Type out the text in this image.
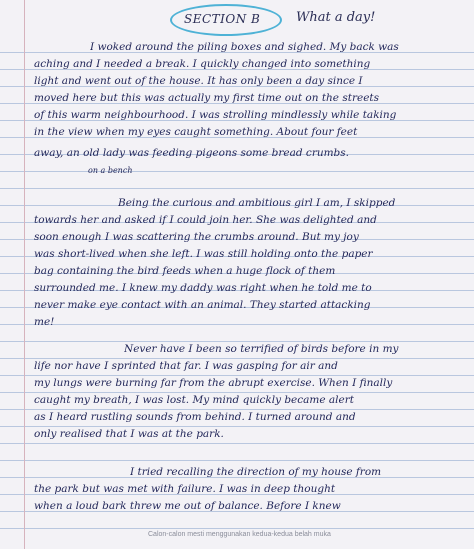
SECTION B	What a day!
on a bench
I woked around the piling boxes and sighed. My back was
aching and I needed a break. I quickly changed into something
light and went out of the house. It has only been a day since I
moved here but this was actually my first time out on the streets
of this warm neighbourhood. I was strolling mindlessly while taking
in the view when my eyes caught something. About four feet
away, an old lady was feeding pigeons some bread crumbs.
Being the curious and ambitious girl I am, I skipped
towards her and asked if I could join her. She was delighted and
soon enough I was scattering the crumbs around. But my joy
was short-lived when she left. I was still holding onto the paper
bag containing the bird feeds when a huge flock of them
surrounded me. I knew my daddy was right when he told me to
never make eye contact with an animal. They started attacking
me!
Never have I been so terrified of birds before in my
life nor have I sprinted that far. I was gasping for air and
my lungs were burning far from the abrupt exercise. When I finally
caught my breath, I was lost. My mind quickly became alert
as I heard rustling sounds from behind. I turned around and
only realised that I was at the park.
I tried recalling the direction of my house from
the park but was met with failure. I was in deep thought
when a loud bark threw me out of balance. Before I knew
Calon-calon mesti menggunakan kedua-kedua belah muka
